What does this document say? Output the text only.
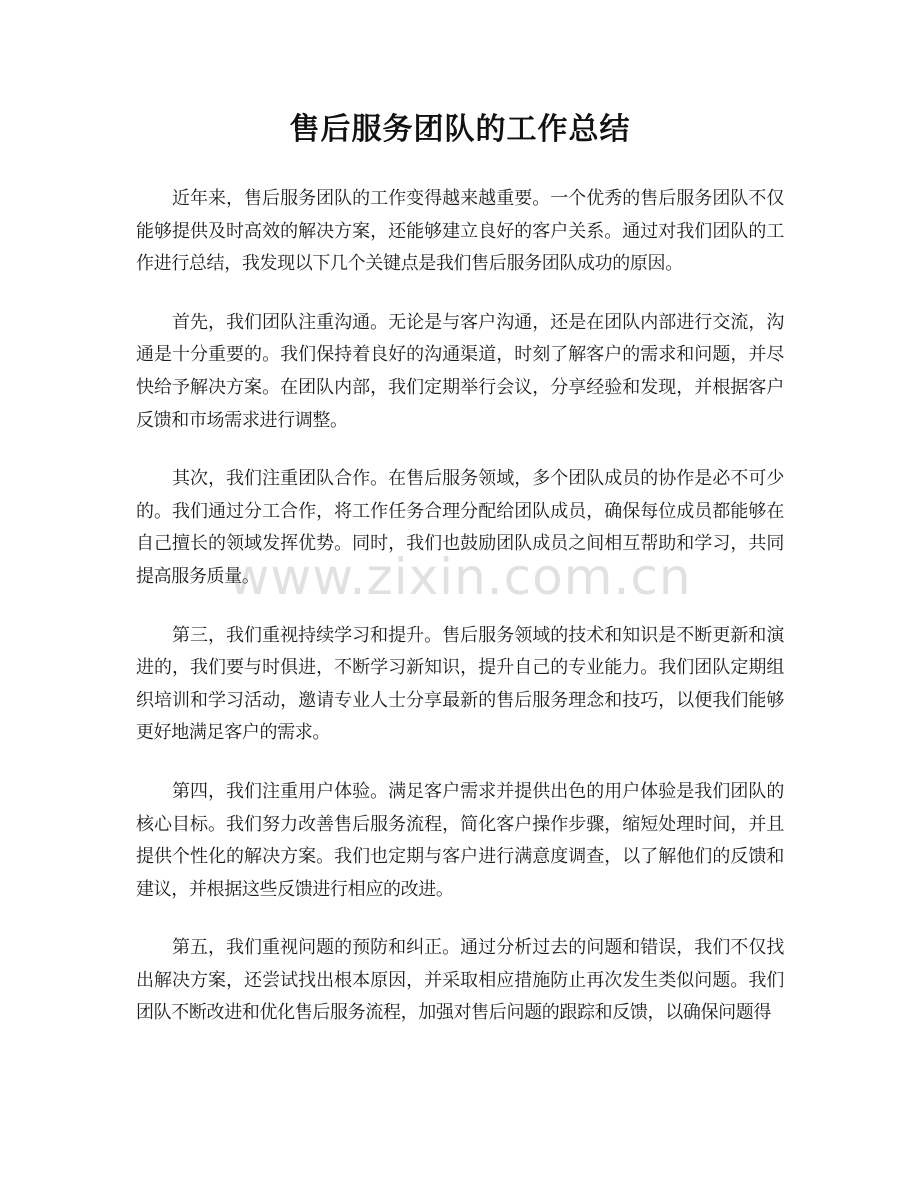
售后服务团队的工作总结

近年来，售后服务团队的工作变得越来越重要。一个优秀的售后服务团队不仅能够提供及时高效的解决方案，还能够建立良好的客户关系。通过对我们团队的工作进行总结，我发现以下几个关键点是我们售后服务团队成功的原因。

首先，我们团队注重沟通。无论是与客户沟通，还是在团队内部进行交流，沟通是十分重要的。我们保持着良好的沟通渠道，时刻了解客户的需求和问题，并尽快给予解决方案。在团队内部，我们定期举行会议，分享经验和发现，并根据客户反馈和市场需求进行调整。

其次，我们注重团队合作。在售后服务领域，多个团队成员的协作是必不可少的。我们通过分工合作，将工作任务合理分配给团队成员，确保每位成员都能够在自己擅长的领域发挥优势。同时，我们也鼓励团队成员之间相互帮助和学习，共同提高服务质量。

第三，我们重视持续学习和提升。售后服务领域的技术和知识是不断更新和演进的，我们要与时俱进，不断学习新知识，提升自己的专业能力。我们团队定期组织培训和学习活动，邀请专业人士分享最新的售后服务理念和技巧，以便我们能够更好地满足客户的需求。

第四，我们注重用户体验。满足客户需求并提供出色的用户体验是我们团队的核心目标。我们努力改善售后服务流程，简化客户操作步骤，缩短处理时间，并且提供个性化的解决方案。我们也定期与客户进行满意度调查，以了解他们的反馈和建议，并根据这些反馈进行相应的改进。

第五，我们重视问题的预防和纠正。通过分析过去的问题和错误，我们不仅找出解决方案，还尝试找出根本原因，并采取相应措施防止再次发生类似问题。我们团队不断改进和优化售后服务流程，加强对售后问题的跟踪和反馈，以确保问题得

www.zixin.com.cn
